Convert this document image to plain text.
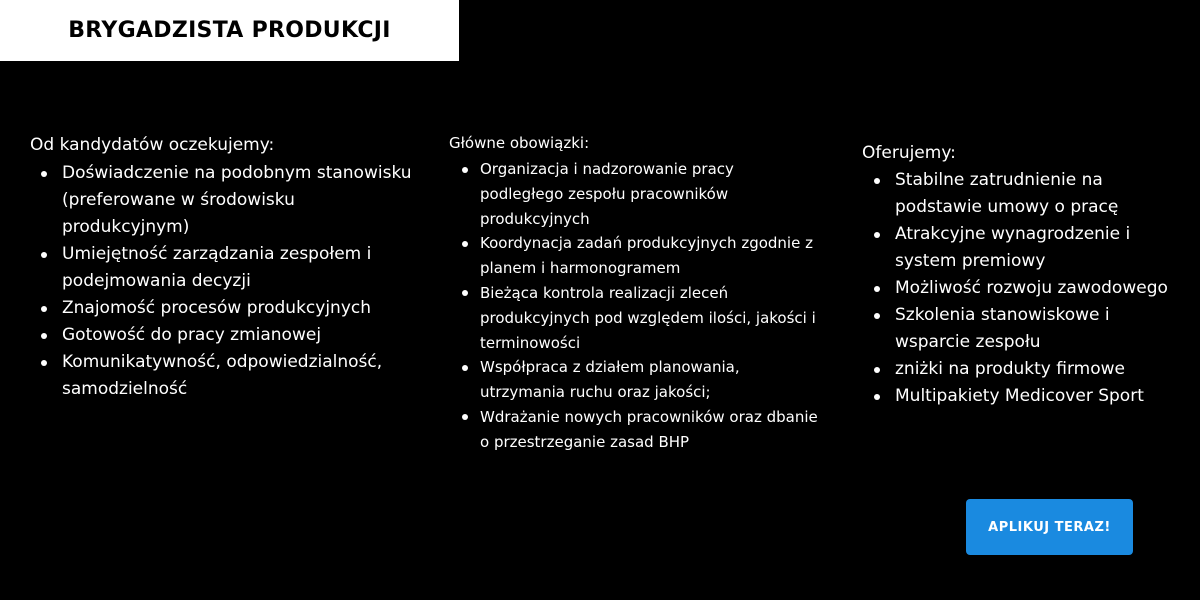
BRYGADZISTA PRODUKCJI
Od kandydatów oczekujemy:
Doświadczenie na podobnym stanowisku (preferowane w środowisku produkcyjnym)
Umiejętność zarządzania zespołem i podejmowania decyzji
Znajomość procesów produkcyjnych
Gotowość do pracy zmianowej
Komunikatywność, odpowiedzialność, samodzielność
Główne obowiązki:
Organizacja i nadzorowanie pracy podległego zespołu pracowników produkcyjnych
Koordynacja zadań produkcyjnych zgodnie z planem i harmonogramem
Bieżąca kontrola realizacji zleceń produkcyjnych pod względem ilości, jakości i terminowości
Współpraca z działem planowania, utrzymania ruchu oraz jakości;
Wdrażanie nowych pracowników oraz dbanie o przestrzeganie zasad BHP
Oferujemy:
Stabilne zatrudnienie na podstawie umowy o pracę
Atrakcyjne wynagrodzenie i system premiowy
Możliwość rozwoju zawodowego
Szkolenia stanowiskowe i wsparcie zespołu
zniżki na produkty firmowe
Multipakiety Medicover Sport
APLIKUJ TERAZ!
